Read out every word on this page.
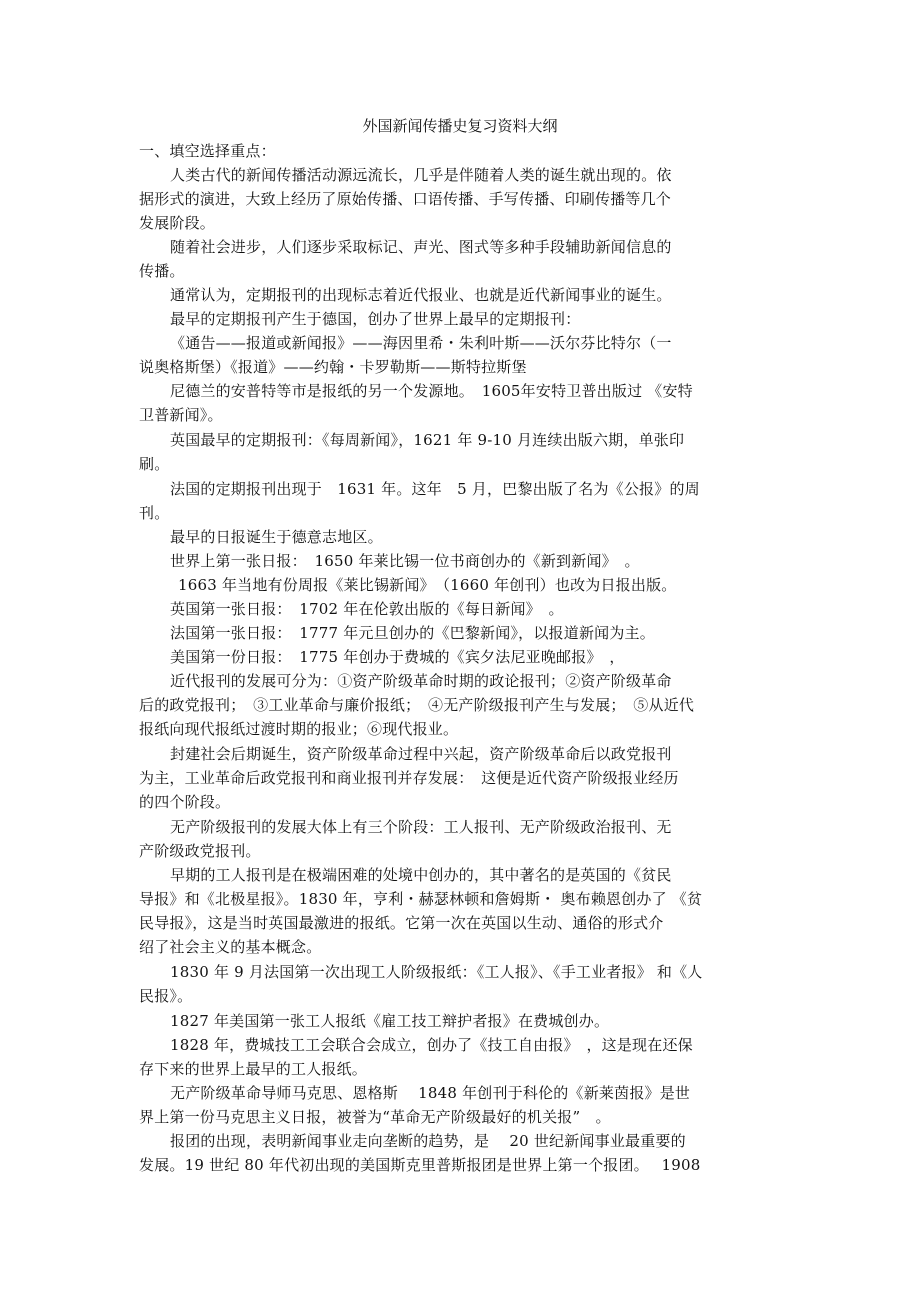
外国新闻传播史复习资料大纲
一、填空选择重点：
人类古代的新闻传播活动源远流长，几乎是伴随着人类的诞生就出现的。依
据形式的演进，大致上经历了原始传播、口语传播、手写传播、印刷传播等几个
发展阶段。
随着社会进步，人们逐步采取标记、声光、图式等多种手段辅助新闻信息的
传播。
通常认为，定期报刊的出现标志着近代报业、也就是近代新闻事业的诞生。
最早的定期报刊产生于德国，创办了世界上最早的定期报刊：
《通告——报道或新闻报》——海因里希・朱利叶斯——沃尔芬比特尔（一
说奥格斯堡）《报道》——约翰・卡罗勒斯——斯特拉斯堡
尼德兰的安普特等市是报纸的另一个发源地。　1605年安特卫普出版过 《安特
卫普新闻》。
英国最早的定期报刊：《每周新闻》，1621 年 9-10 月连续出版六期，单张印
刷。
法国的定期报刊出现于　1631 年。这年　5 月，巴黎出版了名为《公报》的周
刊。
最早的日报诞生于德意志地区。
世界上第一张日报：　1650 年莱比锡一位书商创办的《新到新闻》　。
1663 年当地有份周报《莱比锡新闻》　（1660 年创刊）也改为日报出版。
英国第一张日报：　1702 年在伦敦出版的《每日新闻》　。
法国第一张日报：　1777 年元旦创办的《巴黎新闻》，以报道新闻为主。
美国第一份日报：　1775 年创办于费城的《宾夕法尼亚晚邮报》　，
近代报刊的发展可分为：①资产阶级革命时期的政论报刊；②资产阶级革命
后的政党报刊；　③工业革命与廉价报纸；　④无产阶级报刊产生与发展；　⑤从近代
报纸向现代报纸过渡时期的报业；⑥现代报业。
封建社会后期诞生，资产阶级革命过程中兴起，资产阶级革命后以政党报刊
为主，工业革命后政党报刊和商业报刊并存发展：　这便是近代资产阶级报业经历
的四个阶段。
无产阶级报刊的发展大体上有三个阶段：工人报刊、无产阶级政治报刊、无
产阶级政党报刊。
早期的工人报刊是在极端困难的处境中创办的，其中著名的是英国的《贫民
导报》和《北极星报》。1830 年，亨利・赫瑟林顿和詹姆斯・ 奥布赖恩创办了 《贫
民导报》，这是当时英国最激进的报纸。它第一次在英国以生动、通俗的形式介
绍了社会主义的基本概念。
1830 年 9 月法国第一次出现工人阶级报纸：《工人报》、《手工业者报》 和《人
民报》。
1827 年美国第一张工人报纸《雇工技工辩护者报》在费城创办。
1828 年，费城技工工会联合会成立，创办了《技工自由报》　，这是现在还保
存下来的世界上最早的工人报纸。
无产阶级革命导师马克思、恩格斯　 1848 年创刊于科伦的《新莱茵报》是世
界上第一份马克思主义日报，被誉为“革命无产阶级最好的机关报”　。
报团的出现，表明新闻事业走向垄断的趋势，是　 20 世纪新闻事业最重要的
发展。19 世纪 80 年代初出现的美国斯克里普斯报团是世界上第一个报团。　 1908
